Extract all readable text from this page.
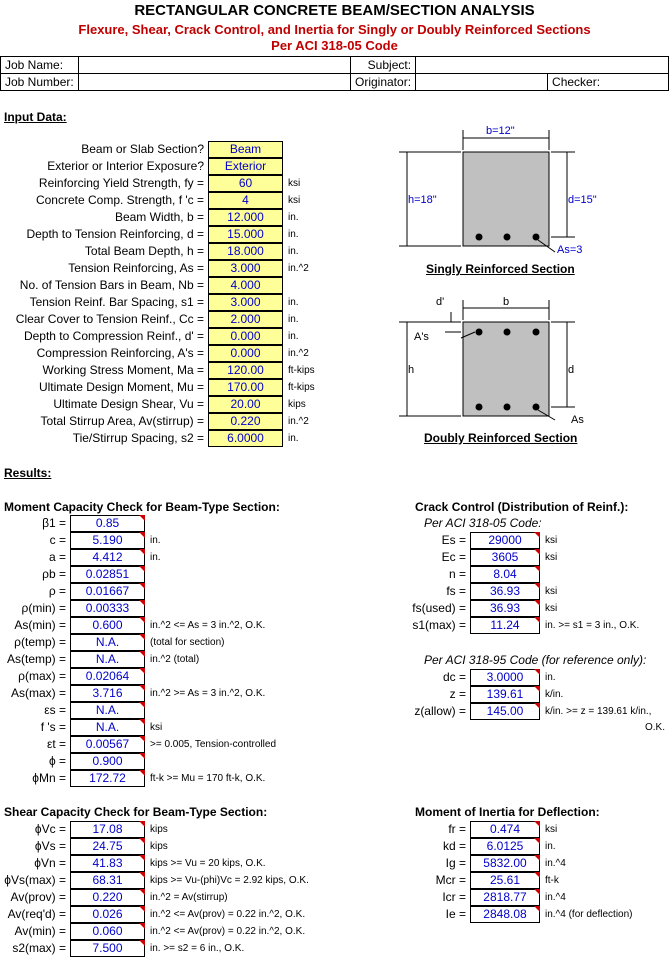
RECTANGULAR CONCRETE BEAM/SECTION ANALYSIS
Flexure, Shear, Crack Control, and Inertia for Singly or Doubly Reinforced Sections
Per ACI 318-05 Code
Job Name:		Subject:		
Job Number:		Originator:		Checker:
Input Data:
Beam or Slab Section?	Beam
Exterior or Interior Exposure?	Exterior
Reinforcing Yield Strength, fy =	60	ksi
Concrete Comp. Strength, f 'c =	4	ksi
Beam Width, b =	12.000	in.
Depth to Tension Reinforcing, d =	15.000	in.
Total Beam Depth, h =	18.000	in.
Tension Reinforcing, As =	3.000	in.^2
No. of Tension Bars in Beam, Nb =	4.000
Tension Reinf. Bar Spacing, s1 =	3.000	in.
Clear Cover to Tension Reinf., Cc =	2.000	in.
Depth to Compression Reinf., d' =	0.000	in.
Compression Reinforcing, A's =	0.000	in.^2
Working Stress Moment, Ma =	120.00	ft-kips
Ultimate Design Moment, Mu =	170.00	ft-kips
Ultimate Design Shear, Vu =	20.00	kips
Total Stirrup Area, Av(stirrup) =	0.220	in.^2
Tie/Stirrup Spacing, s2 =	6.0000	in.
b=12"
h=18"	d=15"
As=3
Singly Reinforced Section
d'	b
A's
h	d
As
Doubly Reinforced Section
Results:
Moment Capacity Check for Beam-Type Section:
β1 =	0.85
c =	5.190	in.
a =	4.412	in.
ρb =	0.02851
ρ =	0.01667
ρ(min) =	0.00333
As(min) =	0.600	in.^2 <= As = 3 in.^2, O.K.
ρ(temp) =	N.A.	(total for section)
As(temp) =	N.A.	in.^2 (total)
ρ(max) =	0.02064
As(max) =	3.716	in.^2 >= As = 3 in.^2, O.K.
εs =	N.A.
f 's =	N.A.	ksi
εt =	0.00567	>= 0.005, Tension-controlled
ϕ =	0.900
ϕMn =	172.72	ft-k >= Mu = 170 ft-k, O.K.
Crack Control (Distribution of Reinf.):
Per ACI 318-05 Code:
Es =	29000	ksi
Ec =	3605	ksi
n =	8.04
fs =	36.93	ksi
fs(used) =	36.93	ksi
s1(max) =	11.24	in. >= s1 = 3 in., O.K.
Per ACI 318-95 Code (for reference only):
dc =	3.0000	in.
z =	139.61	k/in.
z(allow) =	145.00	k/in. >= z = 139.61 k/in.,
O.K.
Shear Capacity Check for Beam-Type Section:
ϕVc =	17.08	kips
ϕVs =	24.75	kips
ϕVn =	41.83	kips >= Vu = 20 kips, O.K.
ϕVs(max) =	68.31	kips >= Vu-(phi)Vc = 2.92 kips, O.K.
Av(prov) =	0.220	in.^2 = Av(stirrup)
Av(req'd) =	0.026	in.^2 <= Av(prov) = 0.22 in.^2, O.K.
Av(min) =	0.060	in.^2 <= Av(prov) = 0.22 in.^2, O.K.
s2(max) =	7.500	in. >= s2 = 6 in., O.K.
Moment of Inertia for Deflection:
fr =	0.474	ksi
kd =	6.0125	in.
Ig =	5832.00	in.^4
Mcr =	25.61	ft-k
Icr =	2818.77	in.^4
Ie =	2848.08	in.^4 (for deflection)
